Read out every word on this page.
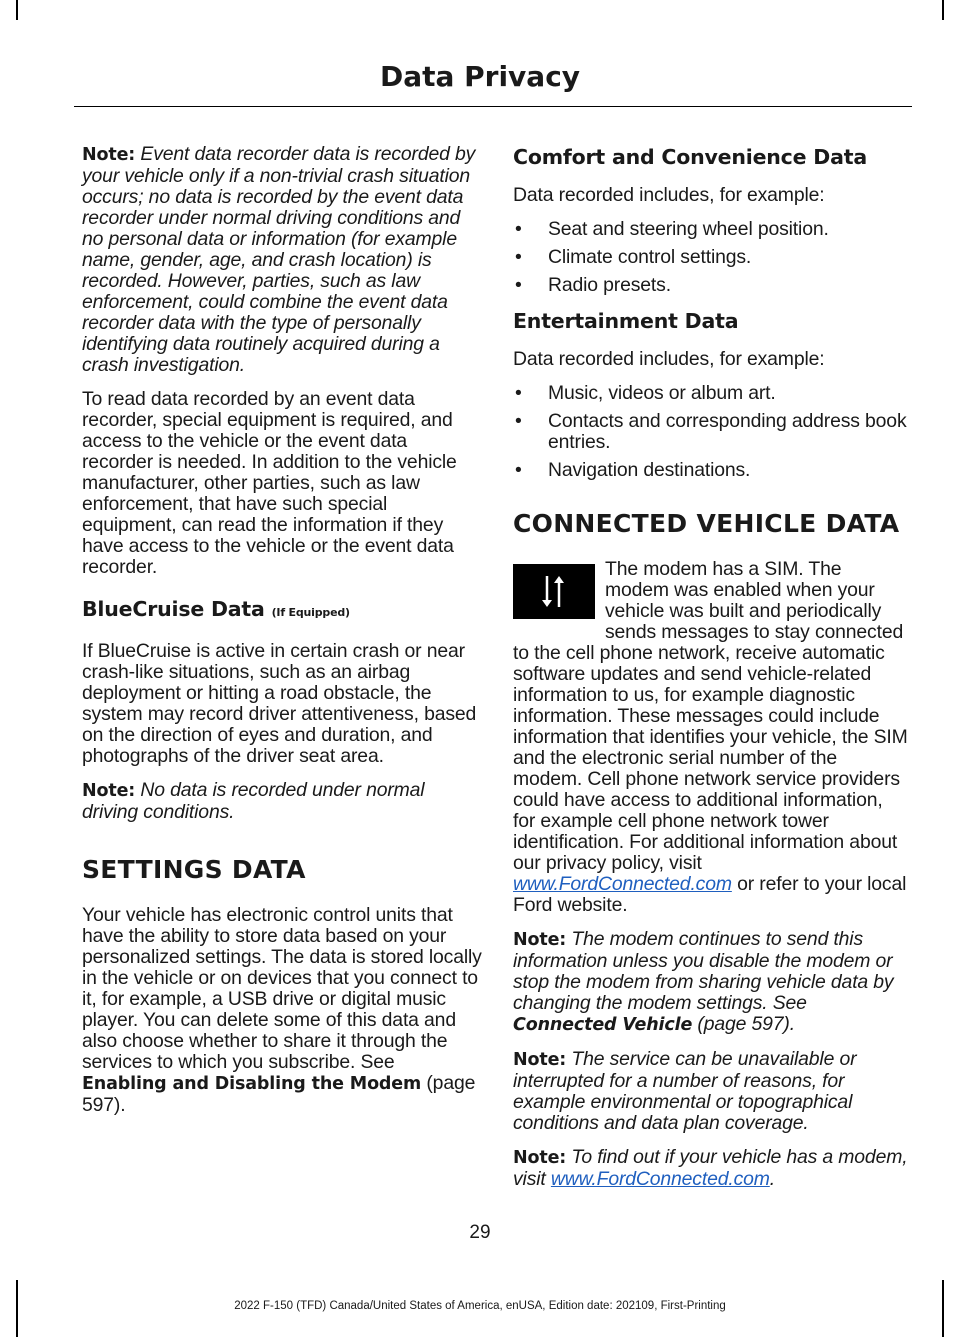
Data Privacy

Note: Event data recorder data is recorded by your vehicle only if a non-trivial crash situation occurs; no data is recorded by the event data recorder under normal driving conditions and no personal data or information (for example name, gender, age, and crash location) is recorded. However, parties, such as law enforcement, could combine the event data recorder data with the type of personally identifying data routinely acquired during a crash investigation.

To read data recorded by an event data recorder, special equipment is required, and access to the vehicle or the event data recorder is needed. In addition to the vehicle manufacturer, other parties, such as law enforcement, that have such special equipment, can read the information if they have access to the vehicle or the event data recorder.

BlueCruise Data (If Equipped)

If BlueCruise is active in certain crash or near crash-like situations, such as an airbag deployment or hitting a road obstacle, the system may record driver attentiveness, based on the direction of eyes and duration, and photographs of the driver seat area.

Note: No data is recorded under normal driving conditions.

SETTINGS DATA

Your vehicle has electronic control units that have the ability to store data based on your personalized settings. The data is stored locally in the vehicle or on devices that you connect to it, for example, a USB drive or digital music player. You can delete some of this data and also choose whether to share it through the services to which you subscribe. See Enabling and Disabling the Modem (page 597).

Comfort and Convenience Data

Data recorded includes, for example:

• Seat and steering wheel position.
• Climate control settings.
• Radio presets.
Entertainment Data

Data recorded includes, for example:

• Music, videos or album art.
• Contacts and corresponding address book entries.
• Navigation destinations.
CONNECTED VEHICLE DATA

The modem has a SIM. The modem was enabled when your vehicle was built and periodically sends messages to stay connected to the cell phone network, receive automatic software updates and send vehicle-related information to us, for example diagnostic information. These messages could include information that identifies your vehicle, the SIM and the electronic serial number of the modem. Cell phone network service providers could have access to additional information, for example cell phone network tower identification. For additional information about our privacy policy, visit www.FordConnected.com or refer to your local Ford website.

Note: The modem continues to send this information unless you disable the modem or stop the modem from sharing vehicle data by changing the modem settings. See Connected Vehicle (page 597).

Note: The service can be unavailable or interrupted for a number of reasons, for example environmental or topographical conditions and data plan coverage.

Note: To find out if your vehicle has a modem, visit www.FordConnected.com.

29
2022 F-150 (TFD) Canada/United States of America, enUSA, Edition date: 202109, First-Printing
